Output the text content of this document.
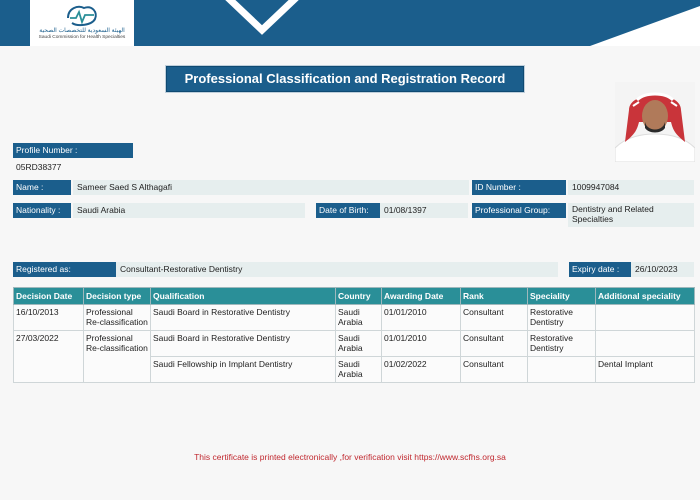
الهيئة السعودية للتخصصات الصحية
Saudi Commission for Health Specialties
Professional Classification and Registration Record
Profile Number :
05RD38377
Name :	Sameer Saed S Althagafi	ID Number :	1009947084
Nationality :	Saudi Arabia	Date of Birth:	01/08/1397	Professional Group:	Dentistry and Related Specialties
Registered as:	Consultant-Restorative Dentistry	Expiry date :	26/10/2023
Decision Date	Decision type	Qualification	Country	Awarding Date	Rank	Speciality	Additional speciality
16/10/2013	Professional Re-classification	Saudi Board in Restorative Dentistry	Saudi Arabia	01/01/2010	Consultant	Restorative Dentistry	
27/03/2022	Professional Re-classification	Saudi Board in Restorative Dentistry	Saudi Arabia	01/01/2010	Consultant	Restorative Dentistry	
		Saudi Fellowship in Implant Dentistry	Saudi Arabia	01/02/2022	Consultant		Dental Implant
This certificate is printed electronically ,for verification visit https://www.scfhs.org.sa
